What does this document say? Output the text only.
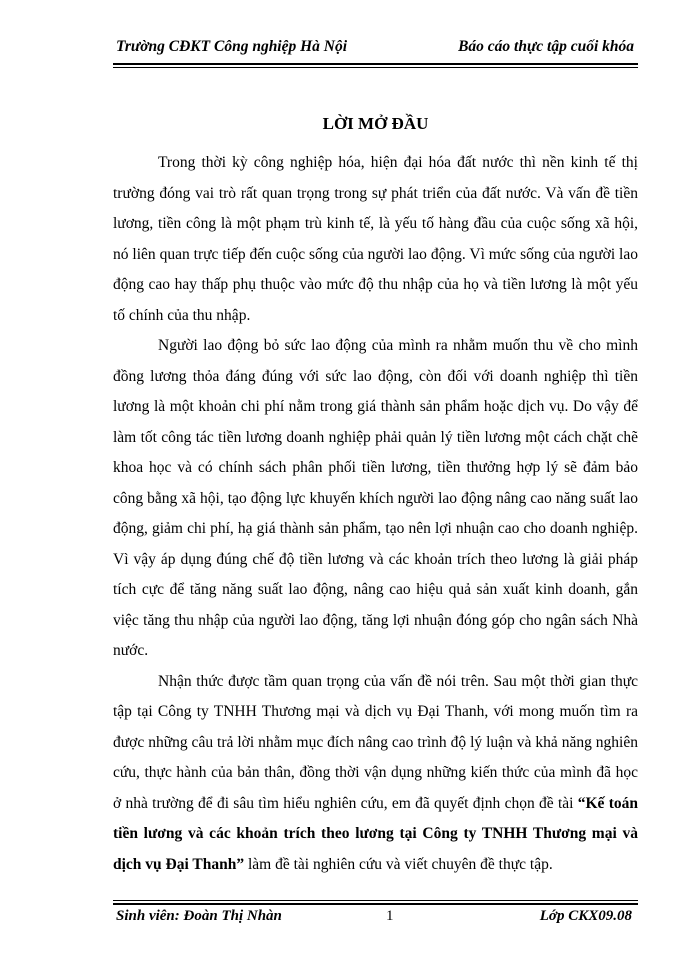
Trường CĐKT Công nghiệp Hà Nội	Báo cáo thực tập cuối khóa
LỜI MỞ ĐẦU

Trong thời kỳ công nghiệp hóa, hiện đại hóa đất nước thì nền kinh tế thị trường đóng vai trò rất quan trọng trong sự phát triển của đất nước. Và vấn đề tiền lương, tiền công là một phạm trù kinh tế, là yếu tố hàng đầu của cuộc sống xã hội, nó liên quan trực tiếp đến cuộc sống của người lao động. Vì mức sống của người lao động cao hay thấp phụ thuộc vào mức độ thu nhập của họ và tiền lương là một yếu tố chính của thu nhập.

Người lao động bỏ sức lao động của mình ra nhằm muốn thu về cho mình đồng lương thỏa đáng đúng với sức lao động, còn đối với doanh nghiệp thì tiền lương là một khoản chi phí nằm trong giá thành sản phẩm hoặc dịch vụ. Do vậy để làm tốt công tác tiền lương doanh nghiệp phải quản lý tiền lương một cách chặt chẽ khoa học và có chính sách phân phối tiền lương, tiền thưởng hợp lý sẽ đảm bảo công bằng xã hội, tạo động lực khuyến khích người lao động nâng cao năng suất lao động, giảm chi phí, hạ giá thành sản phẩm, tạo nên lợi nhuận cao cho doanh nghiệp. Vì vậy áp dụng đúng chế độ tiền lương và các khoản trích theo lương là giải pháp tích cực để tăng năng suất lao động, nâng cao hiệu quả sản xuất kinh doanh, gắn việc tăng thu nhập của người lao động, tăng lợi nhuận đóng góp cho ngân sách Nhà nước.

Nhận thức được tầm quan trọng của vấn đề nói trên. Sau một thời gian thực tập tại Công ty TNHH Thương mại và dịch vụ Đại Thanh, với mong muốn tìm ra được những câu trả lời nhằm mục đích nâng cao trình độ lý luận và khả năng nghiên cứu, thực hành của bản thân, đồng thời vận dụng những kiến thức của mình đã học ở nhà trường để đi sâu tìm hiểu nghiên cứu, em đã quyết định chọn đề tài “Kế toán tiền lương và các khoản trích theo lương tại Công ty TNHH Thương mại và dịch vụ Đại Thanh” làm đề tài nghiên cứu và viết chuyên đề thực tập.

Sinh viên: Đoàn Thị Nhàn	1	Lớp CKX09.08
